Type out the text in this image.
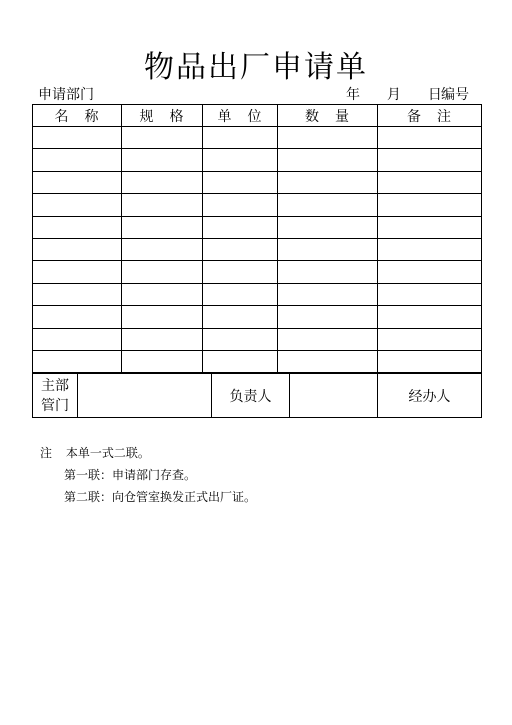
物品出厂申请单
申请部门	年 月 日 编号
名　称	规　格	单　位	数　量	备　注

主部
管门
		负责人		经办人
注 本单一式二联。
第一联：申请部门存查。
第二联：向仓管室换发正式出厂证。
